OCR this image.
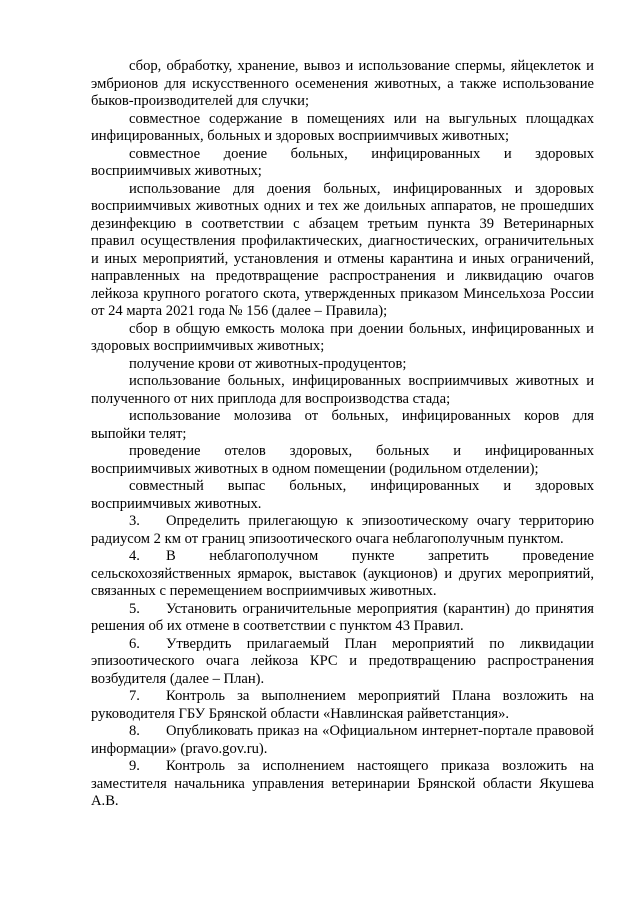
сбор, обработку, хранение, вывоз и использование спермы, яйцеклеток и эмбрионов для искусственного осеменения животных, а также использование быков-производителей для случки;

совместное содержание в помещениях или на выгульных площадках инфицированных, больных и здоровых восприимчивых животных;

совместное доение больных, инфицированных и здоровых восприимчивых животных;

использование для доения больных, инфицированных и здоровых восприимчивых животных одних и тех же доильных аппаратов, не прошедших дезинфекцию в соответствии с абзацем третьим пункта 39 Ветеринарных правил осуществления профилактических, диагностических, ограничительных и иных мероприятий, установления и отмены карантина и иных ограничений, направленных на предотвращение распространения и ликвидацию очагов лейкоза крупного рогатого скота, утвержденных приказом Минсельхоза России от 24 марта 2021 года № 156 (далее – Правила);

сбор в общую емкость молока при доении больных, инфицированных и здоровых восприимчивых животных;

получение крови от животных-продуцентов;

использование больных, инфицированных восприимчивых животных и полученного от них приплода для воспроизводства стада;

использование молозива от больных, инфицированных коров для выпойки телят;

проведение отелов здоровых, больных и инфицированных восприимчивых животных в одном помещении (родильном отделении);

совместный выпас больных, инфицированных и здоровых восприимчивых животных.

3. Определить прилегающую к эпизоотическому очагу территорию радиусом 2 км от границ эпизоотического очага неблагополучным пунктом.

4. В неблагополучном пункте запретить проведение сельскохозяйственных ярмарок, выставок (аукционов) и других мероприятий, связанных с перемещением восприимчивых животных.

5. Установить ограничительные мероприятия (карантин) до принятия решения об их отмене в соответствии с пунктом 43 Правил.

6. Утвердить прилагаемый План мероприятий по ликвидации эпизоотического очага лейкоза КРС и предотвращению распространения возбудителя (далее – План).

7. Контроль за выполнением мероприятий Плана возложить на руководителя ГБУ Брянской области «Навлинская райветстанция».

8. Опубликовать приказ на «Официальном интернет-портале правовой информации» (pravo.gov.ru).

9. Контроль за исполнением настоящего приказа возложить на заместителя начальника управления ветеринарии Брянской области Якушева А.В.
